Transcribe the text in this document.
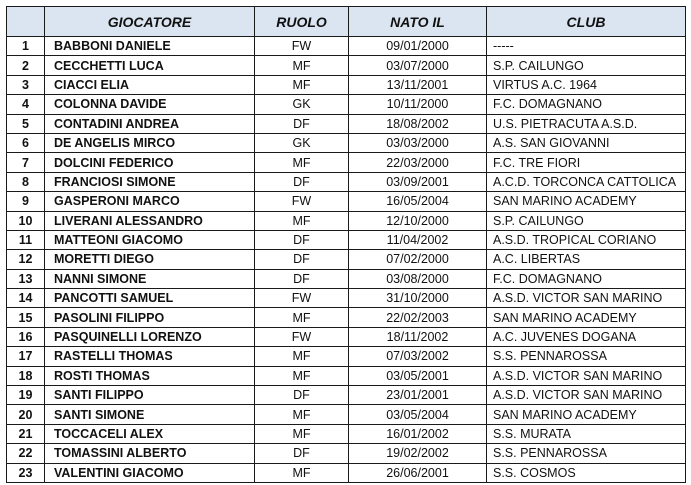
	GIOCATORE	RUOLO	NATO IL	CLUB
1	BABBONI DANIELE	FW	09/01/2000	-----
2	CECCHETTI LUCA	MF	03/07/2000	S.P. CAILUNGO
3	CIACCI ELIA	MF	13/11/2001	VIRTUS A.C. 1964
4	COLONNA DAVIDE	GK	10/11/2000	F.C. DOMAGNANO
5	CONTADINI ANDREA	DF	18/08/2002	U.S. PIETRACUTA A.S.D.
6	DE ANGELIS MIRCO	GK	03/03/2000	A.S. SAN GIOVANNI
7	DOLCINI FEDERICO	MF	22/03/2000	F.C. TRE FIORI
8	FRANCIOSI SIMONE	DF	03/09/2001	A.C.D. TORCONCA CATTOLICA
9	GASPERONI MARCO	FW	16/05/2004	SAN MARINO ACADEMY
10	LIVERANI ALESSANDRO	MF	12/10/2000	S.P. CAILUNGO
11	MATTEONI GIACOMO	DF	11/04/2002	A.S.D. TROPICAL CORIANO
12	MORETTI DIEGO	DF	07/02/2000	A.C. LIBERTAS
13	NANNI SIMONE	DF	03/08/2000	F.C. DOMAGNANO
14	PANCOTTI SAMUEL	FW	31/10/2000	A.S.D. VICTOR SAN MARINO
15	PASOLINI FILIPPO	MF	22/02/2003	SAN MARINO ACADEMY
16	PASQUINELLI LORENZO	FW	18/11/2002	A.C. JUVENES DOGANA
17	RASTELLI THOMAS	MF	07/03/2002	S.S. PENNAROSSA
18	ROSTI THOMAS	MF	03/05/2001	A.S.D. VICTOR SAN MARINO
19	SANTI FILIPPO	DF	23/01/2001	A.S.D. VICTOR SAN MARINO
20	SANTI SIMONE	MF	03/05/2004	SAN MARINO ACADEMY
21	TOCCACELI ALEX	MF	16/01/2002	S.S. MURATA
22	TOMASSINI ALBERTO	DF	19/02/2002	S.S. PENNAROSSA
23	VALENTINI GIACOMO	MF	26/06/2001	S.S. COSMOS
